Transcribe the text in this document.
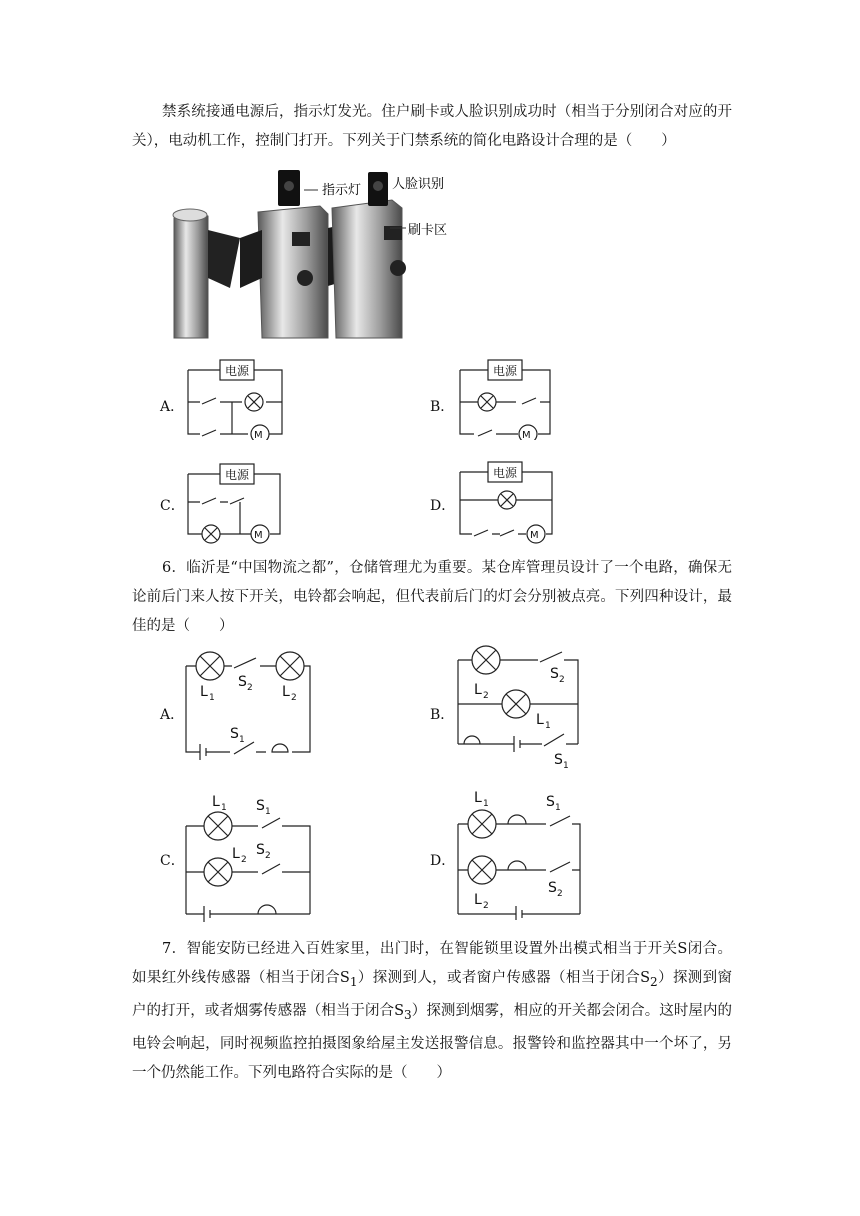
禁系统接通电源后，指示灯发光。住户刷卡或人脸识别成功时（相当于分别闭合对应的开关），电动机工作，控制门打开。下列关于门禁系统的简化电路设计合理的是（　　）

指示灯 人脸识别
刷卡区
A．	B．
C．	D．
电源
M
电源
M
电源
M
电源
M

6．临沂是“中国物流之都”，仓储管理尤为重要。某仓库管理员设计了一个电路，确保无论前后门来人按下开关，电铃都会响起，但代表前后门的灯会分别被点亮。下列四种设计，最佳的是（　　）

A．	B．
C．	D．
L 1
S 2 L 2
S 1
L 2
L 1
S 2
S 1
L 1 S 1
L 2
S 2
L 1	S 1
S 2
L 2

7．智能安防已经进入百姓家里，出门时，在智能锁里设置外出模式相当于开关S闭合。如果红外线传感器（相当于闭合$S_1$）探测到人，或者窗户传感器（相当于闭合$S_2$）探测到窗户的打开，或者烟雾传感器（相当于闭合$S_3$）探测到烟雾，相应的开关都会闭合。这时屋内的电铃会响起，同时视频监控拍摄图象给屋主发送报警信息。报警铃和监控器其中一个坏了，另一个仍然能工作。下列电路符合实际的是（　　）
